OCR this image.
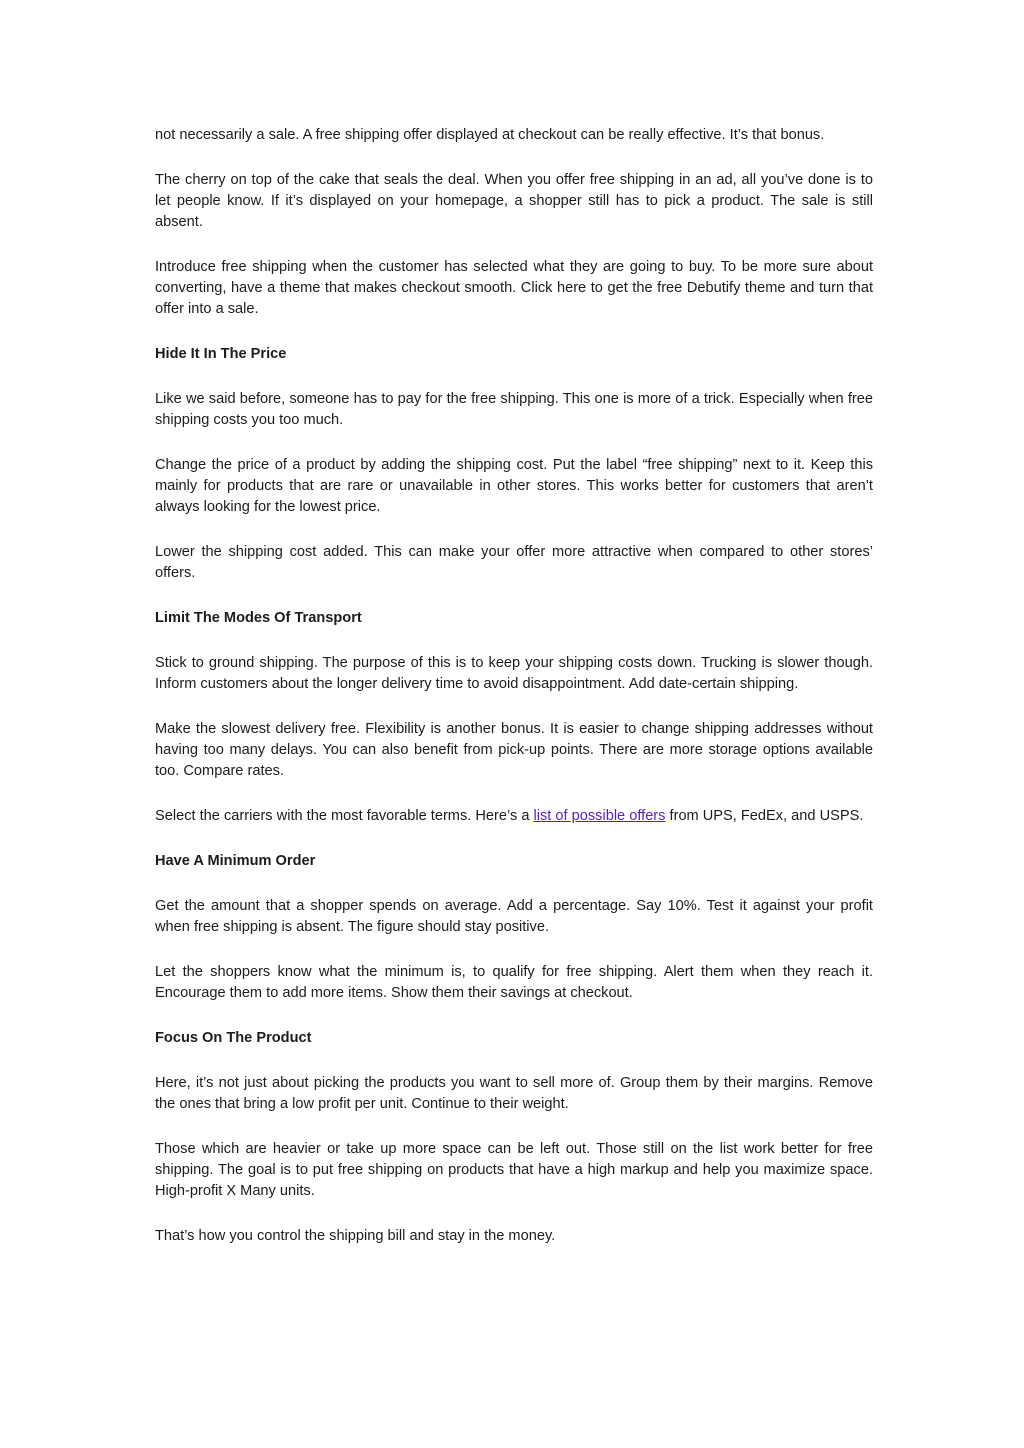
not necessarily a sale. A free shipping offer displayed at checkout can be really effective. It’s that bonus.

The cherry on top of the cake that seals the deal. When you offer free shipping in an ad, all you’ve done is to let people know. If it’s displayed on your homepage, a shopper still has to pick a product. The sale is still absent.

Introduce free shipping when the customer has selected what they are going to buy. To be more sure about converting, have a theme that makes checkout smooth. Click here to get the free Debutify theme and turn that offer into a sale.

Hide It In The Price

Like we said before, someone has to pay for the free shipping. This one is more of a trick. Especially when free shipping costs you too much.

Change the price of a product by adding the shipping cost. Put the label “free shipping” next to it. Keep this mainly for products that are rare or unavailable in other stores. This works better for customers that aren’t always looking for the lowest price.

Lower the shipping cost added. This can make your offer more attractive when compared to other stores’ offers.

Limit The Modes Of Transport

Stick to ground shipping. The purpose of this is to keep your shipping costs down. Trucking is slower though. Inform customers about the longer delivery time to avoid disappointment. Add date-certain shipping.

Make the slowest delivery free. Flexibility is another bonus. It is easier to change shipping addresses without having too many delays. You can also benefit from pick-up points. There are more storage options available too. Compare rates.

Select the carriers with the most favorable terms. Here’s a list of possible offers from UPS, FedEx, and USPS.

Have A Minimum Order

Get the amount that a shopper spends on average. Add a percentage. Say 10%. Test it against your profit when free shipping is absent. The figure should stay positive.

Let the shoppers know what the minimum is, to qualify for free shipping. Alert them when they reach it. Encourage them to add more items. Show them their savings at checkout.

Focus On The Product

Here, it’s not just about picking the products you want to sell more of. Group them by their margins. Remove the ones that bring a low profit per unit. Continue to their weight.

Those which are heavier or take up more space can be left out. Those still on the list work better for free shipping. The goal is to put free shipping on products that have a high markup and help you maximize space. High-profit X Many units.

That’s how you control the shipping bill and stay in the money.
